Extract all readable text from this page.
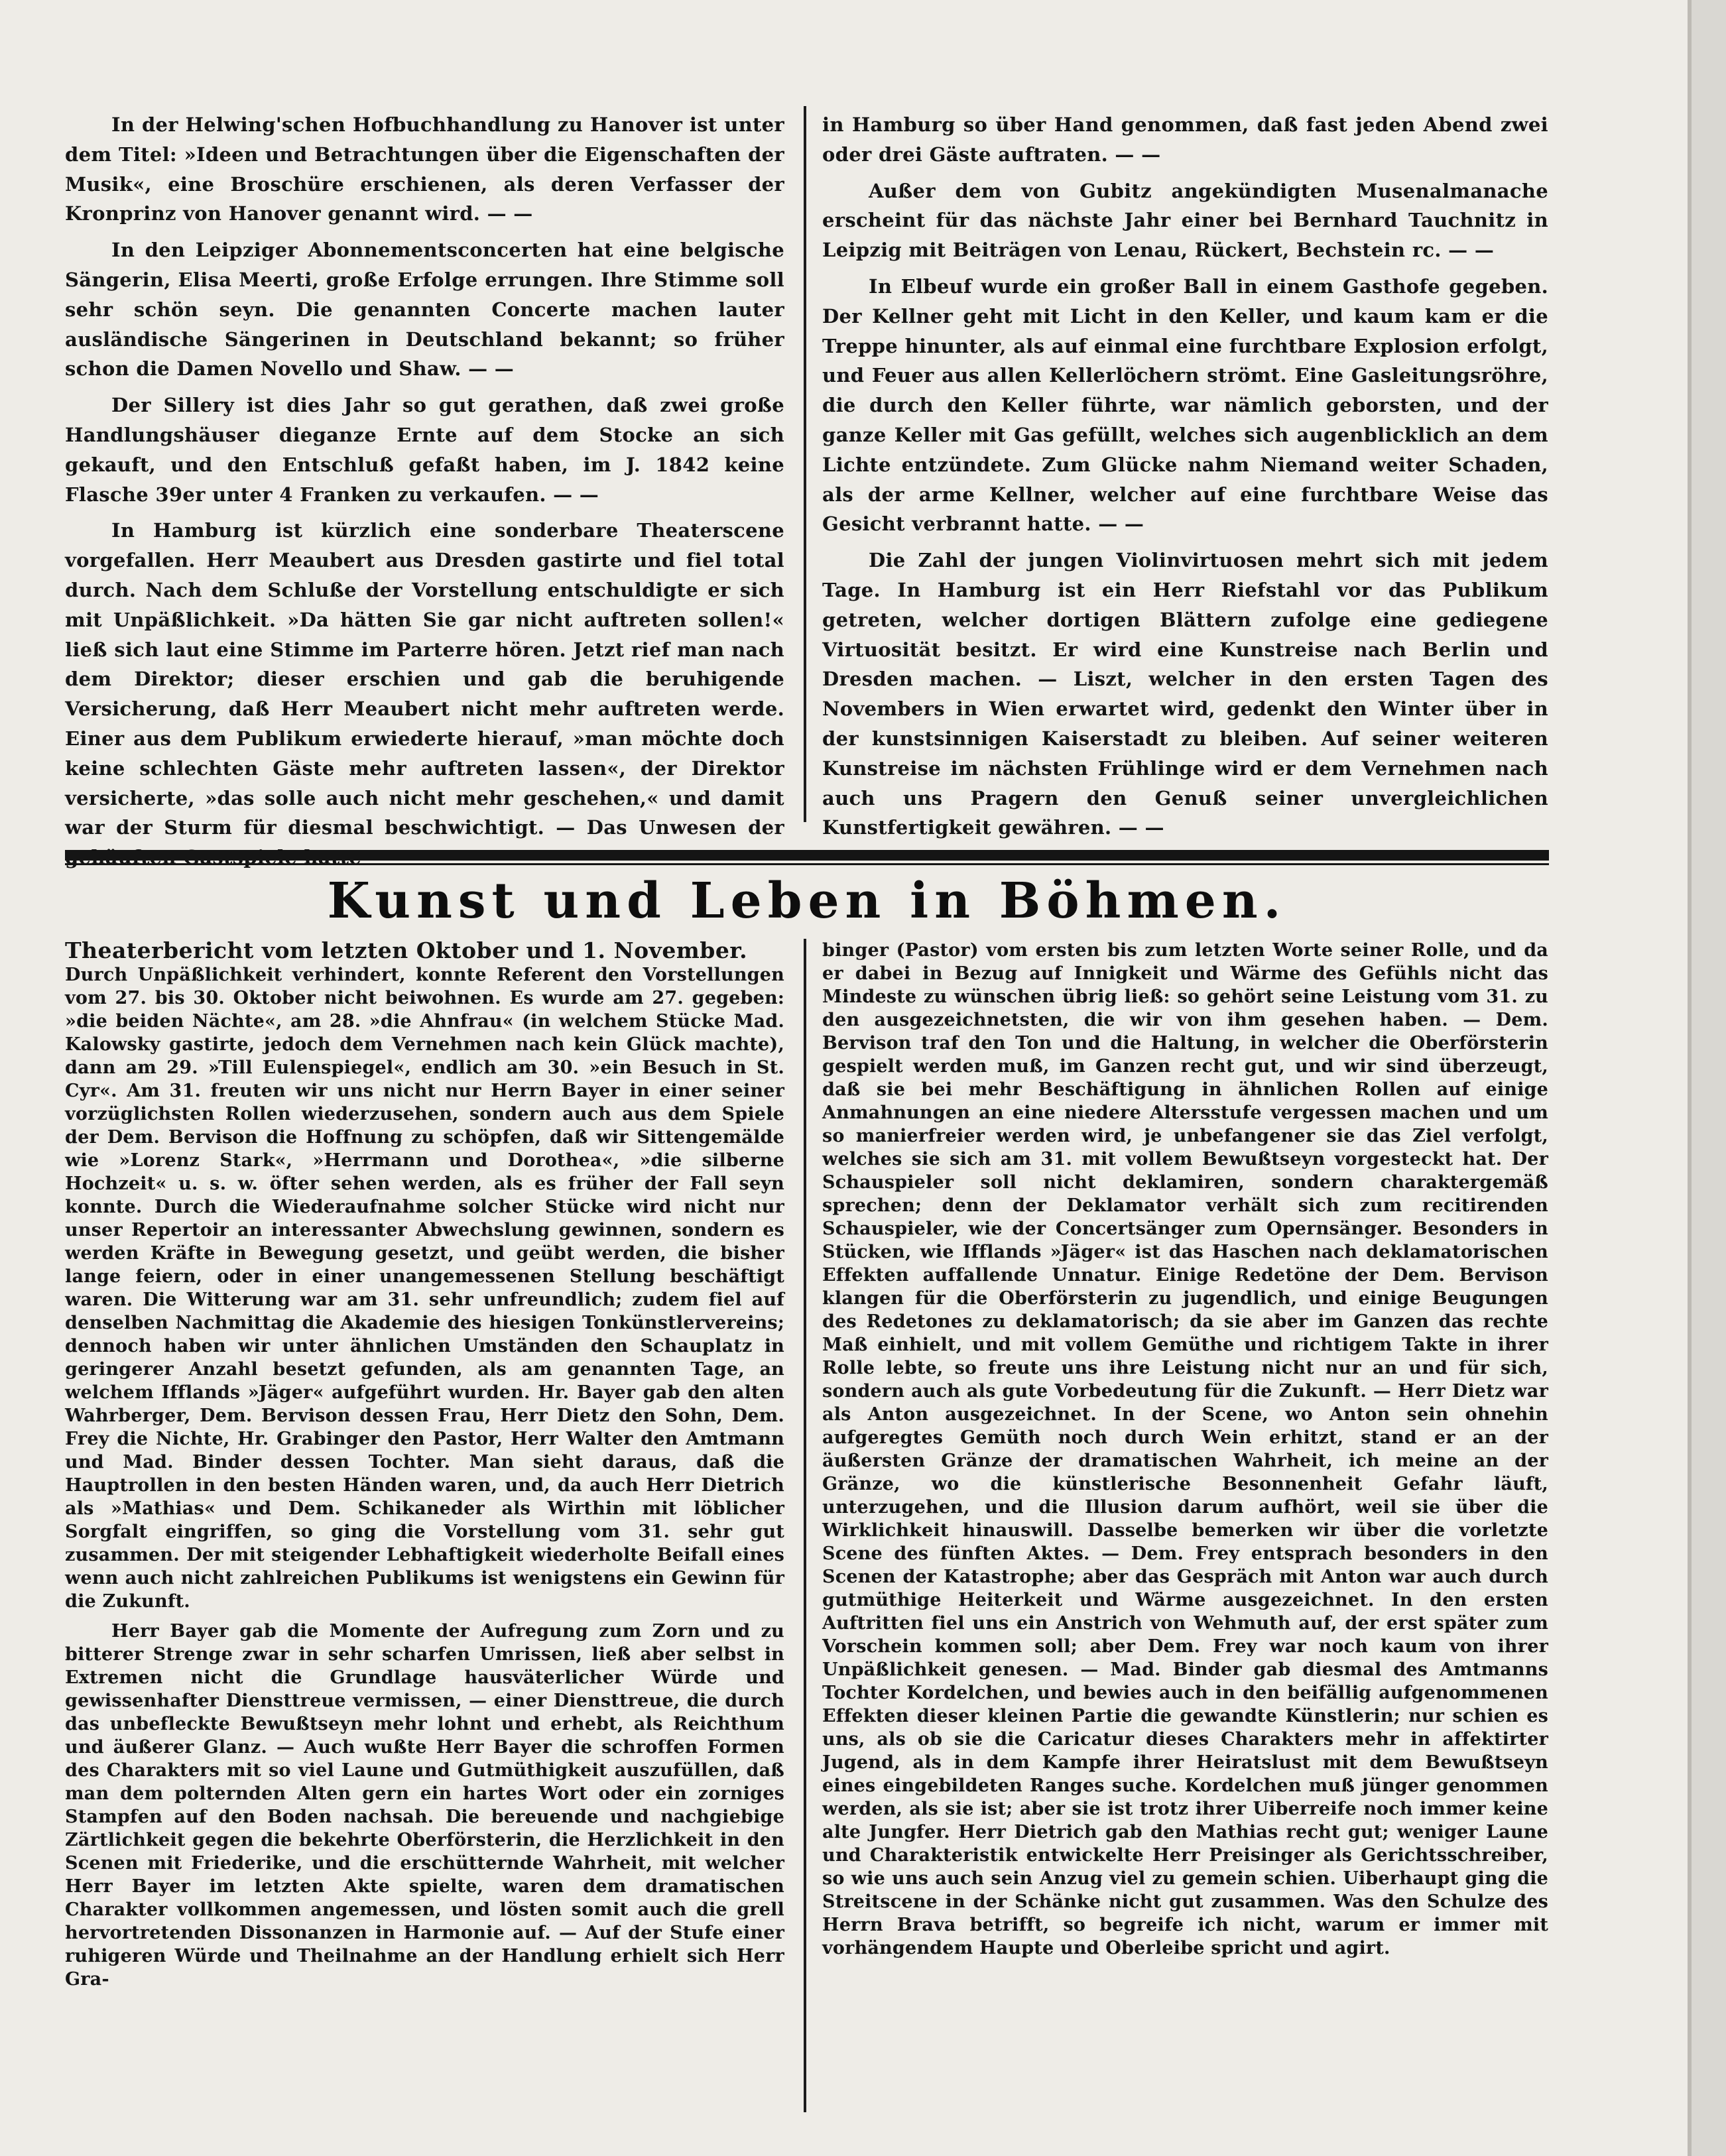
In der Helwing'schen Hofbuchhandlung zu Hanover ist unter dem Titel: »Ideen und Betrachtungen über die Eigenschaften der Musik«, eine Broschüre erschienen, als deren Verfasser der Kronprinz von Hanover genannt wird. — —

In den Leipziger Abonnementsconcerten hat eine belgische Sängerin, Elisa Meerti, große Erfolge errungen. Ihre Stimme soll sehr schön seyn. Die genannten Concerte machen lauter ausländische Sängerinen in Deutschland bekannt; so früher schon die Damen Novello und Shaw. — —

Der Sillery ist dies Jahr so gut gerathen, daß zwei große Handlungshäuser dieganze Ernte auf dem Stocke an sich gekauft, und den Entschluß gefaßt haben, im J. 1842 keine Flasche 39er unter 4 Franken zu verkaufen. — —

In Hamburg ist kürzlich eine sonderbare Theaterscene vorgefallen. Herr Meaubert aus Dresden gastirte und fiel total durch. Nach dem Schluße der Vorstellung entschuldigte er sich mit Unpäßlichkeit. »Da hätten Sie gar nicht auftreten sollen!« ließ sich laut eine Stimme im Parterre hören. Jetzt rief man nach dem Direktor; dieser erschien und gab die beruhigende Versicherung, daß Herr Meaubert nicht mehr auftreten werde. Einer aus dem Publikum erwiederte hierauf, »man möchte doch keine schlechten Gäste mehr auftreten lassen«, der Direktor versicherte, »das solle auch nicht mehr geschehen,« und damit war der Sturm für diesmal beschwichtigt. — Das Unwesen der

in Hamburg so über Hand genommen, daß fast jeden Abend zwei oder drei Gäste auftraten. — —

Außer dem von Gubitz angekündigten Musenalmanache erscheint für das nächste Jahr einer bei Bernhard Tauchnitz in Leipzig mit Beiträgen von Lenau, Rückert, Bechstein rc. — —

In Elbeuf wurde ein großer Ball in einem Gasthofe gegeben. Der Kellner geht mit Licht in den Keller, und kaum kam er die Treppe hinunter, als auf einmal eine furchtbare Explosion erfolgt, und Feuer aus allen Kellerlöchern strömt. Eine Gasleitungsröhre, die durch den Keller führte, war nämlich geborsten, und der ganze Keller mit Gas gefüllt, welches sich augenblicklich an dem Lichte entzündete. Zum Glücke nahm Niemand weiter Schaden, als der arme Kellner, welcher auf eine furchtbare Weise das Gesicht verbrannt hatte. — —

Die Zahl der jungen Violinvirtuosen mehrt sich mit jedem Tage. In Hamburg ist ein Herr Riefstahl vor das Publikum getreten, welcher dortigen Blättern zufolge eine gediegene Virtuosität besitzt. Er wird eine Kunstreise nach Berlin und Dresden machen. — Liszt, welcher in den ersten Tagen des Novembers in Wien erwartet wird, gedenkt den Winter über in der kunstsinnigen Kaiserstadt zu bleiben. Auf seiner weiteren Kunstreise im nächsten Frühlinge wird er dem Vernehmen nach auch uns Pragern den Genuß seiner unvergleichlichen Kunstfertigkeit gewähren. — —

Kunst und Leben in Böhmen.
Theaterbericht vom letzten Oktober und 1. November.

Durch Unpäßlichkeit verhindert, konnte Referent den Vorstellungen vom 27. bis 30. Oktober nicht beiwohnen. Es wurde am 27. gegeben: »die beiden Nächte«, am 28. »die Ahnfrau« (in welchem Stücke Mad. Kalowsky gastirte, jedoch dem Vernehmen nach kein Glück machte), dann am 29. »Till Eulenspiegel«, endlich am 30. »ein Besuch in St. Cyr«. Am 31. freuten wir uns nicht nur Herrn Bayer in einer seiner vorzüglichsten Rollen wiederzusehen, sondern auch aus dem Spiele der Dem. Bervison die Hoffnung zu schöpfen, daß wir Sittengemälde wie »Lorenz Stark«, »Herrmann und Dorothea«, »die silberne Hochzeit« u. s. w. öfter sehen werden, als es früher der Fall seyn konnte. Durch die Wiederaufnahme solcher Stücke wird nicht nur unser Repertoir an interessanter Abwechslung gewinnen, sondern es werden Kräfte in Bewegung gesetzt, und geübt werden, die bisher lange feiern, oder in einer unangemessenen Stellung beschäftigt waren. Die Witterung war am 31. sehr unfreundlich; zudem fiel auf denselben Nachmittag die Akademie des hiesigen Tonkünstlervereins; dennoch haben wir unter ähnlichen Umständen den Schauplatz in geringerer Anzahl besetzt gefunden, als am genannten Tage, an welchem Ifflands »Jäger« aufgeführt wurden. Hr. Bayer gab den alten Wahrberger, Dem. Bervison dessen Frau, Herr Dietz den Sohn, Dem. Frey die Nichte, Hr. Grabinger den Pastor, Herr Walter den Amtmann und Mad. Binder dessen Tochter. Man sieht daraus, daß die Hauptrollen in den besten Händen waren, und, da auch Herr Dietrich als »Mathias« und Dem. Schikaneder als Wirthin mit löblicher Sorgfalt eingriffen, so ging die Vorstellung vom 31. sehr gut zusammen. Der mit steigender Lebhaftigkeit wiederholte Beifall eines wenn auch nicht zahlreichen Publikums ist wenigstens ein Gewinn für die Zukunft.

Herr Bayer gab die Momente der Aufregung zum Zorn und zu bitterer Strenge zwar in sehr scharfen Umrissen, ließ aber selbst in Extremen nicht die Grundlage hausväterlicher Würde und gewissenhafter Diensttreue vermissen, — einer Diensttreue, die durch das unbefleckte Bewußtseyn mehr lohnt und erhebt, als Reichthum und äußerer Glanz. — Auch wußte Herr Bayer die schroffen Formen des Charakters mit so viel Laune und Gutmüthigkeit auszufüllen, daß man dem polternden Alten gern ein hartes Wort oder ein zorniges Stampfen auf den Boden nachsah. Die bereuende und nachgiebige Zärtlichkeit gegen die bekehrte Oberförsterin, die Herzlichkeit in den Scenen mit Friederike, und die erschütternde Wahrheit, mit welcher Herr Bayer im letzten Akte spielte, waren dem dramatischen Charakter vollkommen angemessen, und lösten somit auch die grell hervortretenden Dissonanzen in Harmonie auf. — Auf der Stufe einer ruhigeren Würde und Theilnahme an der Handlung erhielt sich Herr Gra-

binger (Pastor) vom ersten bis zum letzten Worte seiner Rolle, und da er dabei in Bezug auf Innigkeit und Wärme des Gefühls nicht das Mindeste zu wünschen übrig ließ: so gehört seine Leistung vom 31. zu den ausgezeichnetsten, die wir von ihm gesehen haben. — Dem. Bervison traf den Ton und die Haltung, in welcher die Oberförsterin gespielt werden muß, im Ganzen recht gut, und wir sind überzeugt, daß sie bei mehr Beschäftigung in ähnlichen Rollen auf einige Anmahnungen an eine niedere Altersstufe vergessen machen und um so manierfreier werden wird, je unbefangener sie das Ziel verfolgt, welches sie sich am 31. mit vollem Bewußtseyn vorgesteckt hat. Der Schauspieler soll nicht deklamiren, sondern charaktergemäß sprechen; denn der Deklamator verhält sich zum recitirenden Schauspieler, wie der Concertsänger zum Opernsänger. Besonders in Stücken, wie Ifflands »Jäger« ist das Haschen nach deklamatorischen Effekten auffallende Unnatur. Einige Redetöne der Dem. Bervison klangen für die Oberförsterin zu jugendlich, und einige Beugungen des Redetones zu deklamatorisch; da sie aber im Ganzen das rechte Maß einhielt, und mit vollem Gemüthe und richtigem Takte in ihrer Rolle lebte, so freute uns ihre Leistung nicht nur an und für sich, sondern auch als gute Vorbedeutung für die Zukunft. — Herr Dietz war als Anton ausgezeichnet. In der Scene, wo Anton sein ohnehin aufgeregtes Gemüth noch durch Wein erhitzt, stand er an der äußersten Gränze der dramatischen Wahrheit, ich meine an der Gränze, wo die künstlerische Besonnenheit Gefahr läuft, unterzugehen, und die Illusion darum aufhört, weil sie über die Wirklichkeit hinauswill. Dasselbe bemerken wir über die vorletzte Scene des fünften Aktes. — Dem. Frey entsprach besonders in den Scenen der Katastrophe; aber das Gespräch mit Anton war auch durch gutmüthige Heiterkeit und Wärme ausgezeichnet. In den ersten Auftritten fiel uns ein Anstrich von Wehmuth auf, der erst später zum Vorschein kommen soll; aber Dem. Frey war noch kaum von ihrer Unpäßlichkeit genesen. — Mad. Binder gab diesmal des Amtmanns Tochter Kordelchen, und bewies auch in den beifällig aufgenommenen Effekten dieser kleinen Partie die gewandte Künstlerin; nur schien es uns, als ob sie die Caricatur dieses Charakters mehr in affektirter Jugend, als in dem Kampfe ihrer Heiratslust mit dem Bewußtseyn eines eingebildeten Ranges suche. Kordelchen muß jünger genommen werden, als sie ist; aber sie ist trotz ihrer Uiberreife noch immer keine alte Jungfer. Herr Dietrich gab den Mathias recht gut; weniger Laune und Charakteristik entwickelte Herr Preisinger als Gerichtsschreiber, so wie uns auch sein Anzug viel zu gemein schien. Uiberhaupt ging die Streitscene in der Schänke nicht gut zusammen. Was den Schulze des Herrn Brava betrifft, so begreife ich nicht, warum er immer mit vorhängendem Haupte und Oberleibe spricht und agirt.
